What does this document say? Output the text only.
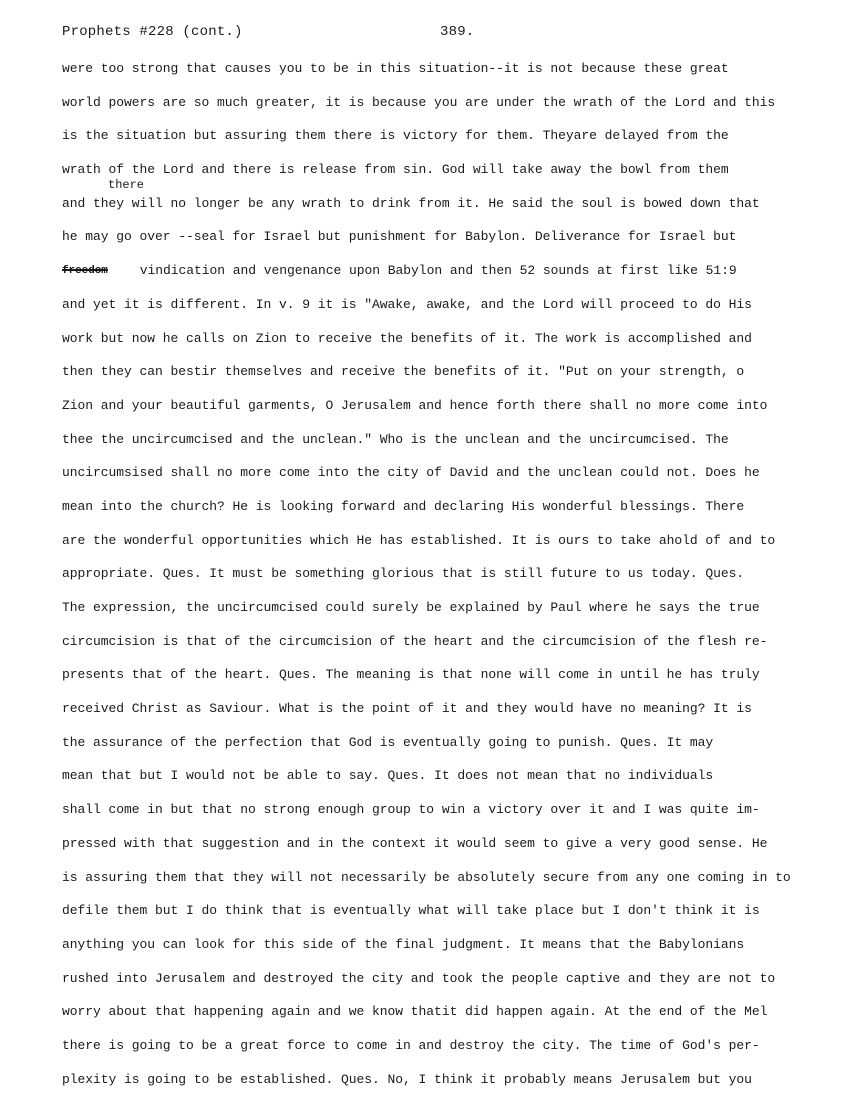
Prophets #228 (cont.)	389.
there
were too strong that causes you to be in this situation--it is not because these great
world powers are so much greater, it is because you are under the wrath of the Lord and this
is the situation but assuring them there is victory for them. Theyare delayed from the
wrath of the Lord and there is release from sin. God will take away the bowl from them
and they will no longer be any wrath to drink from it. He said the soul is bowed down that
he may go over --seal for Israel but punishment for Babylon. Deliverance for Israel but
freedom vindication and vengenance upon Babylon and then 52 sounds at first like 51:9
and yet it is different. In v. 9 it is "Awake, awake, and the Lord will proceed to do His
work but now he calls on Zion to receive the benefits of it. The work is accomplished and
then they can bestir themselves and receive the benefits of it. "Put on your strength, o
Zion and your beautiful garments, O Jerusalem and hence forth there shall no more come into
thee the uncircumcised and the unclean." Who is the unclean and the uncircumcised. The
uncircumsised shall no more come into the city of David and the unclean could not. Does he
mean into the church? He is looking forward and declaring His wonderful blessings. There
are the wonderful opportunities which He has established. It is ours to take ahold of and to
appropriate. Ques. It must be something glorious that is still future to us today. Ques.
The expression, the uncircumcised could surely be explained by Paul where he says the true
circumcision is that of the circumcision of the heart and the circumcision of the flesh re-
presents that of the heart. Ques. The meaning is that none will come in until he has truly
received Christ as Saviour. What is the point of it and they would have no meaning? It is
the assurance of the perfection that God is eventually going to punish. Ques. It may
mean that but I would not be able to say. Ques. It does not mean that no individuals
shall come in but that no strong enough group to win a victory over it and I was quite im-
pressed with that suggestion and in the context it would seem to give a very good sense. He
is assuring them that they will not necessarily be absolutely secure from any one coming in to
defile them but I do think that is eventually what will take place but I don't think it is
anything you can look for this side of the final judgment. It means that the Babylonians
rushed into Jerusalem and destroyed the city and took the people captive and they are not to
worry about that happening again and we know thatit did happen again. At the end of the Mel
there is going to be a great force to come in and destroy the city. The time of God's per-
plexity is going to be established. Ques. No, I think it probably means Jerusalem but you
